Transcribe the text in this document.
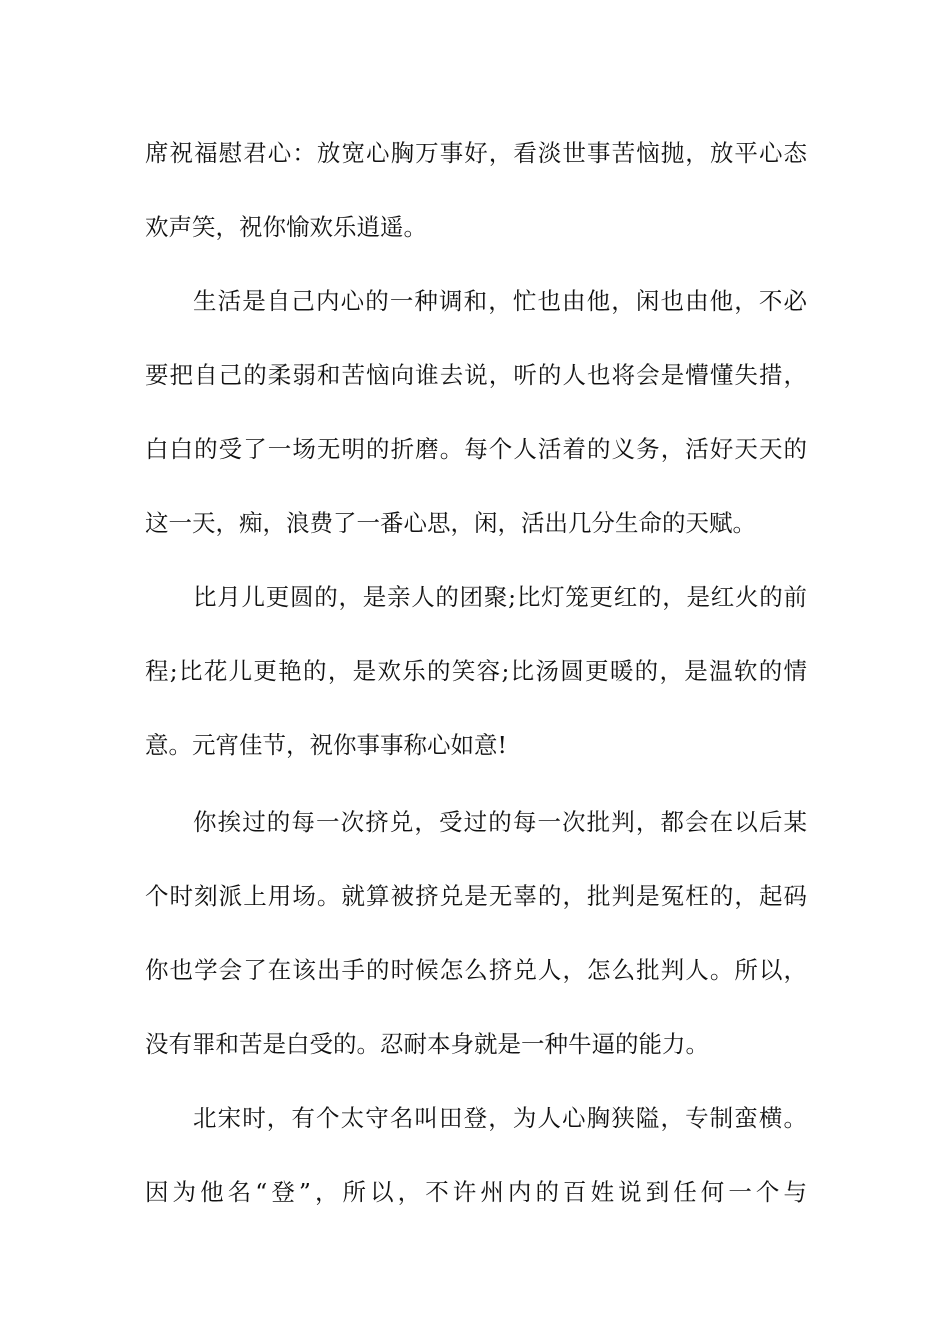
席祝福慰君心：放宽心胸万事好，看淡世事苦恼抛，放平心态
欢声笑，祝你愉欢乐逍遥。
生活是自己内心的一种调和，忙也由他，闲也由他，不必
要把自己的柔弱和苦恼向谁去说，听的人也将会是懵懂失措，
白白的受了一场无明的折磨。每个人活着的义务，活好天天的
这一天，痴，浪费了一番心思，闲，活出几分生命的天赋。
比月儿更圆的，是亲人的团聚;比灯笼更红的，是红火的前
程;比花儿更艳的，是欢乐的笑容;比汤圆更暖的，是温软的情
意。元宵佳节，祝你事事称心如意!
你挨过的每一次挤兑，受过的每一次批判，都会在以后某
个时刻派上用场。就算被挤兑是无辜的，批判是冤枉的，起码
你也学会了在该出手的时候怎么挤兑人，怎么批判人。所以，
没有罪和苦是白受的。忍耐本身就是一种牛逼的能力。
北宋时，有个太守名叫田登，为人心胸狭隘，专制蛮横。
因为他名“登”，所以，不许州内的百姓说到任何一个与
